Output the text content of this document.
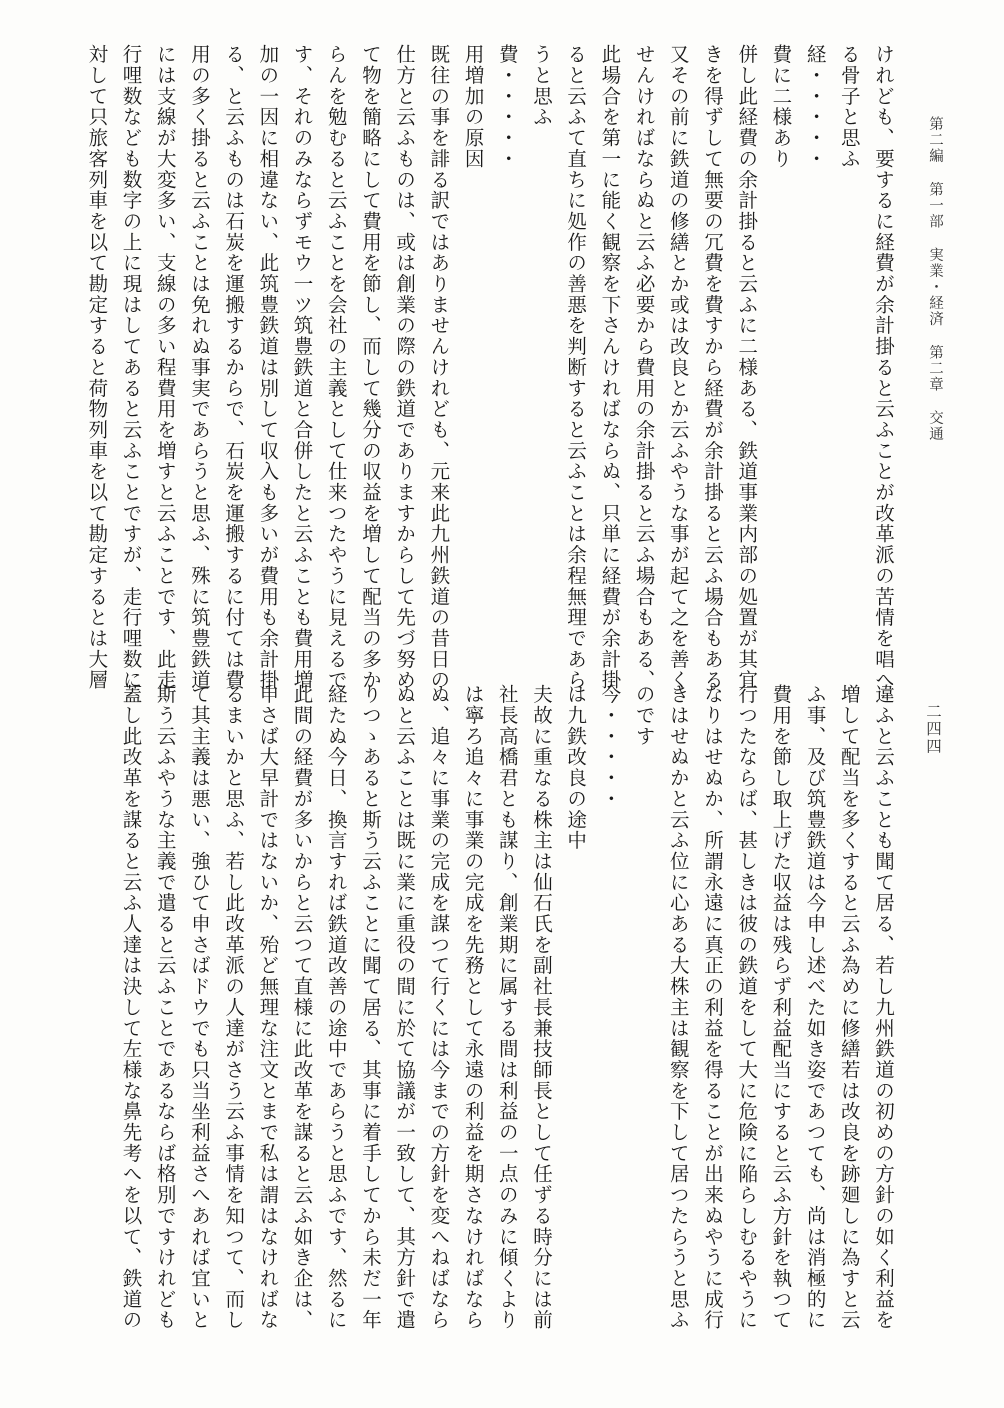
第二編 第一部 実業・経済 第二章 交通
二四四
けれども、要するに経費が余計掛ると云ふことが改革派の苦情を唱へ
る骨子と思ふ
経・・・・・
費に二様あり
併し此経費の余計掛ると云ふに二様ある、鉄道事業内部の処置が其宜
きを得ずして無要の冗費を費すから経費が余計掛ると云ふ場合もある
又その前に鉄道の修繕とか或は改良とか云ふやうな事が起て之を善く
せんければならぬと云ふ必要から費用の余計掛ると云ふ場合もある、
此場合を第一に能く観察を下さんければならぬ、只単に経費が余計掛
ると云ふて直ちに処作の善悪を判断すると云ふことは余程無理であら
うと思ふ
費・・・・・
用増加の原因
既往の事を誹る訳ではありませんけれども、元来此九州鉄道の昔日の
仕方と云ふものは、或は創業の際の鉄道でありますからして先づ努め
て物を簡略にして費用を節し、而して幾分の収益を増して配当の多か
らんを勉むると云ふことを会社の主義として仕来つたやうに見えるで
す、それのみならずモウ一ツ筑豊鉄道と合併したと云ふことも費用増
加の一因に相違ない、此筑豊鉄道は別して収入も多いが費用も余計掛
る、と云ふものは石炭を運搬するからで、石炭を運搬するに付ては費
用の多く掛ると云ふことは免れぬ事実であらうと思ふ、殊に筑豊鉄道
には支線が大変多い、支線の多い程費用を増すと云ふことです、此走
行哩数なども数字の上に現はしてあると云ふことですが、走行哩数に
対して只旅客列車を以て勘定すると荷物列車を以て勘定するとは大層
違ふと云ふことも聞て居る、若し九州鉄道の初めの方針の如く利益を
増して配当を多くすると云ふ為めに修繕若は改良を跡廻しに為すと云
ふ事、及び筑豊鉄道は今申し述べた如き姿であつても、尚は消極的に
費用を節し取上げた収益は残らず利益配当にすると云ふ方針を執つて
行つたならば、甚しきは彼の鉄道をして大に危険に陥らしむるやうに
なりはせぬか、所謂永遠に真正の利益を得ることが出来ぬやうに成行
きはせぬかと云ふ位に心ある大株主は観察を下して居つたらうと思ふ
のです
今・・・・・
は九鉄改良の途中
夫故に重なる株主は仙石氏を副社長兼技師長として任ずる時分には前
社長高橋君とも謀り、創業期に属する間は利益の一点のみに傾くより
は寧ろ追々に事業の完成を先務として永遠の利益を期さなければなら
ぬ、追々に事業の完成を謀つて行くには今までの方針を変へねばなら
ぬと云ふことは既に業に重役の間に於て協議が一致して、其方針で遣
りつゝあると斯う云ふことに聞て居る、其事に着手してから未だ一年
経たぬ今日、換言すれば鉄道改善の途中であらうと思ふです、然るに
此間の経費が多いからと云つて直様に此改革を謀ると云ふ如き企は、
申さば大早計ではないか、殆ど無理な注文とまで私は謂はなければな
るまいかと思ふ、若し此改革派の人達がさう云ふ事情を知つて、而し
て其主義は悪い、強ひて申さばドウでも只当坐利益さへあれば宜いと
斯う云ふやうな主義で遣ると云ふことであるならば格別ですけれども
蓋し此改革を謀ると云ふ人達は決して左様な鼻先考へを以て、鉄道の
